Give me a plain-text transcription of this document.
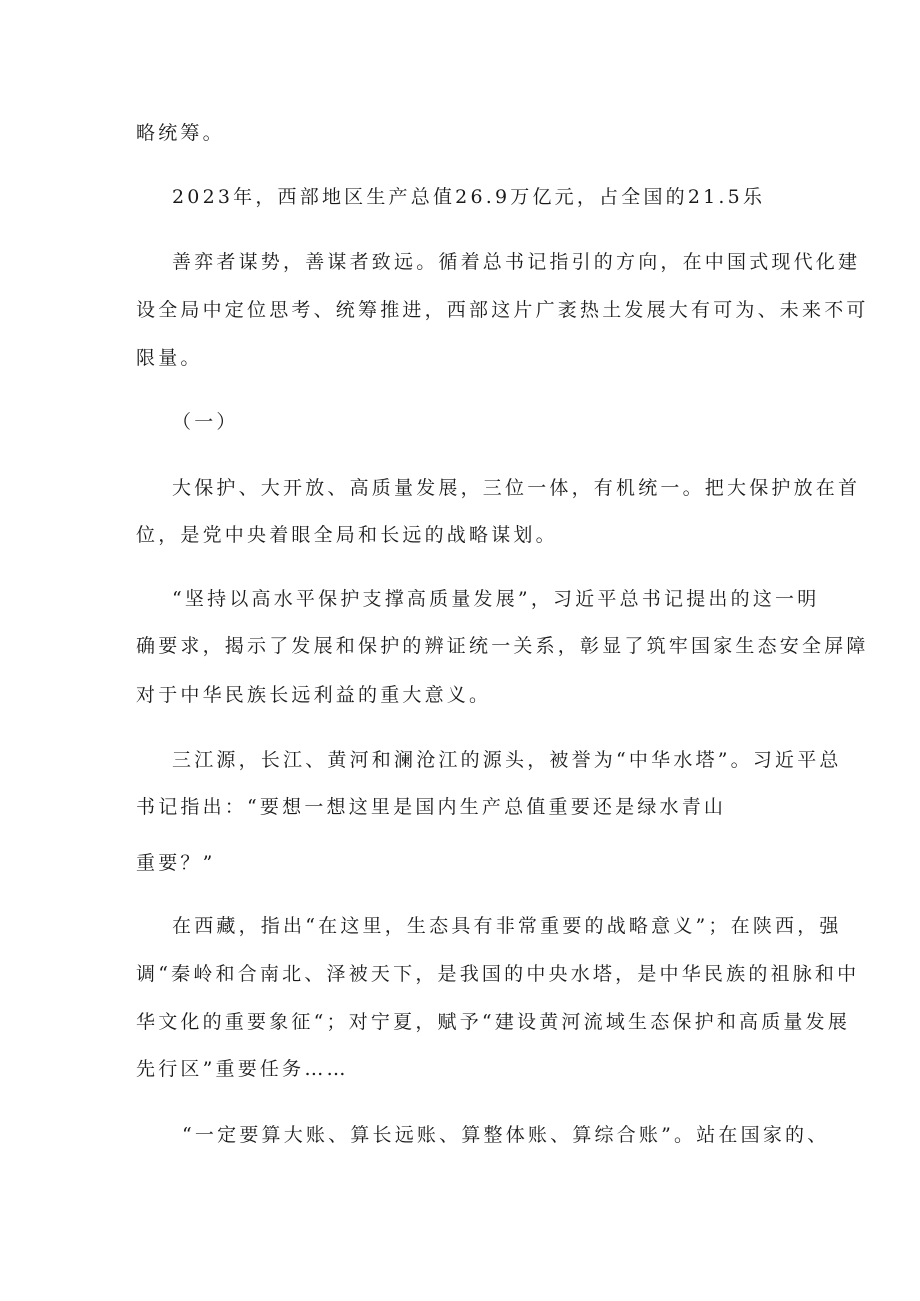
略统筹。
2023年，西部地区生产总值26.9万亿元，占全国的21.5乐
善弈者谋势，善谋者致远。循着总书记指引的方向，在中国式现代化建
设全局中定位思考、统筹推进，西部这片广袤热土发展大有可为、未来不可
限量。
（一）
大保护、大开放、高质量发展，三位一体，有机统一。把大保护放在首
位，是党中央着眼全局和长远的战略谋划。
“坚持以高水平保护支撑高质量发展”，习近平总书记提出的这一明
确要求，揭示了发展和保护的辨证统一关系，彰显了筑牢国家生态安全屏障
对于中华民族长远利益的重大意义。
三江源，长江、黄河和澜沧江的源头，被誉为“中华水塔”。习近平总
书记指出：“要想一想这里是国内生产总值重要还是绿水青山
重要？”
在西藏，指出“在这里，生态具有非常重要的战略意义”；在陕西，强
调“秦岭和合南北、泽被天下，是我国的中央水塔，是中华民族的祖脉和中
华文化的重要象征“；对宁夏，赋予“建设黄河流域生态保护和高质量发展
先行区”重要任务……
“一定要算大账、算长远账、算整体账、算综合账”。站在国家的、
